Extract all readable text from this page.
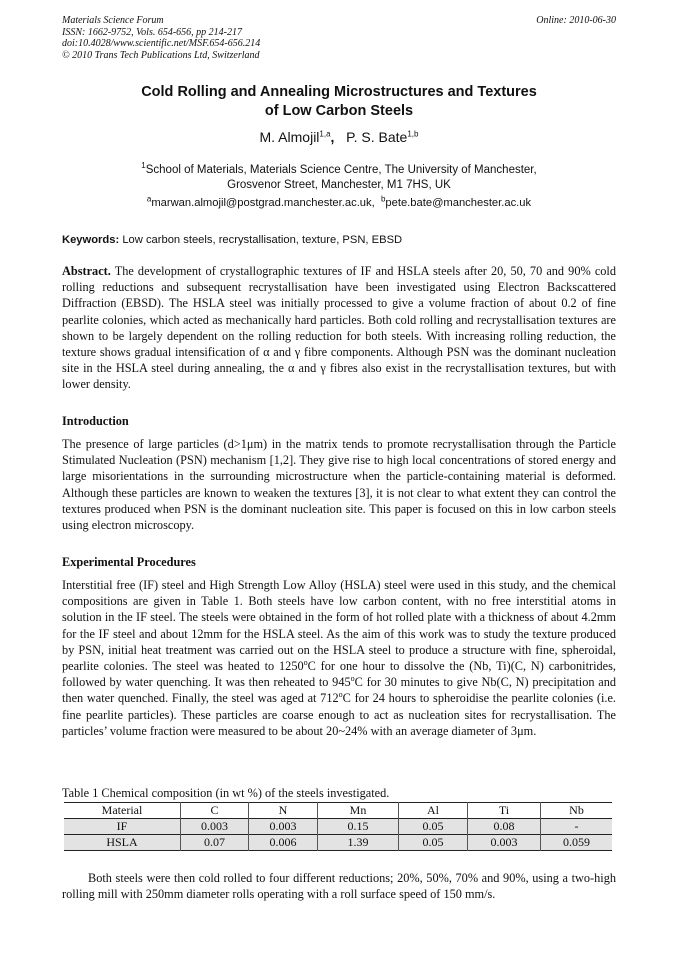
Materials Science Forum
ISSN: 1662-9752, Vols. 654-656, pp 214-217
doi:10.4028/www.scientific.net/MSF.654-656.214
© 2010 Trans Tech Publications Ltd, Switzerland
Online: 2010-06-30
Cold Rolling and Annealing Microstructures and Textures
of Low Carbon Steels
M. Almojil$^{1,a}$, P. S. Bate$^{1,b}$
$^1$School of Materials, Materials Science Centre, The University of Manchester,
Grosvenor Street, Manchester, M1 7HS, UK
$^a$marwan.almojil@postgrad.manchester.ac.uk, $^b$pete.bate@manchester.ac.uk
Keywords: Low carbon steels, recrystallisation, texture, PSN, EBSD
Abstract. The development of crystallographic textures of IF and HSLA steels after 20, 50, 70 and 90% cold rolling reductions and subsequent recrystallisation have been investigated using Electron Backscattered Diffraction (EBSD). The HSLA steel was initially processed to give a volume fraction of about 0.2 of fine pearlite colonies, which acted as mechanically hard particles. Both cold rolling and recrystallisation textures are shown to be largely dependent on the rolling reduction for both steels. With increasing rolling reduction, the texture shows gradual intensification of α and γ fibre components. Although PSN was the dominant nucleation site in the HSLA steel during annealing, the α and γ fibres also exist in the recrystallisation textures, but with lower density.
Introduction
The presence of large particles (d>1μm) in the matrix tends to promote recrystallisation through the Particle Stimulated Nucleation (PSN) mechanism [1,2]. They give rise to high local concentrations of stored energy and large misorientations in the surrounding microstructure when the particle-containing material is deformed. Although these particles are known to weaken the textures [3], it is not clear to what extent they can control the textures produced when PSN is the dominant nucleation site. This paper is focused on this in low carbon steels using electron microscopy.
Experimental Procedures
Interstitial free (IF) steel and High Strength Low Alloy (HSLA) steel were used in this study, and the chemical compositions are given in Table 1. Both steels have low carbon content, with no free interstitial atoms in solution in the IF steel. The steels were obtained in the form of hot rolled plate with a thickness of about 4.2mm for the IF steel and about 12mm for the HSLA steel. As the aim of this work was to study the texture produced by PSN, initial heat treatment was carried out on the HSLA steel to produce a structure with fine, spheroidal, pearlite colonies. The steel was heated to 1250$^o$C for one hour to dissolve the (Nb, Ti)(C, N) carbonitrides, followed by water quenching. It was then reheated to 945$^o$C for 30 minutes to give Nb(C, N) precipitation and then water quenched. Finally, the steel was aged at 712$^o$C for 24 hours to spheroidise the pearlite colonies (i.e. fine pearlite particles). These particles are coarse enough to act as nucleation sites for recrystallisation. The particles’ volume fraction were measured to be about 20~24% with an average diameter of 3μm.
Table 1 Chemical composition (in wt %) of the steels investigated.
Material	C	N	Mn	Al	Ti	Nb
IF	0.003	0.003	0.15	0.05	0.08	-
HSLA	0.07	0.006	1.39	0.05	0.003	0.059
Both steels were then cold rolled to four different reductions; 20%, 50%, 70% and 90%, using a two-high rolling mill with 250mm diameter rolls operating with a roll surface speed of 150 mm/s.
